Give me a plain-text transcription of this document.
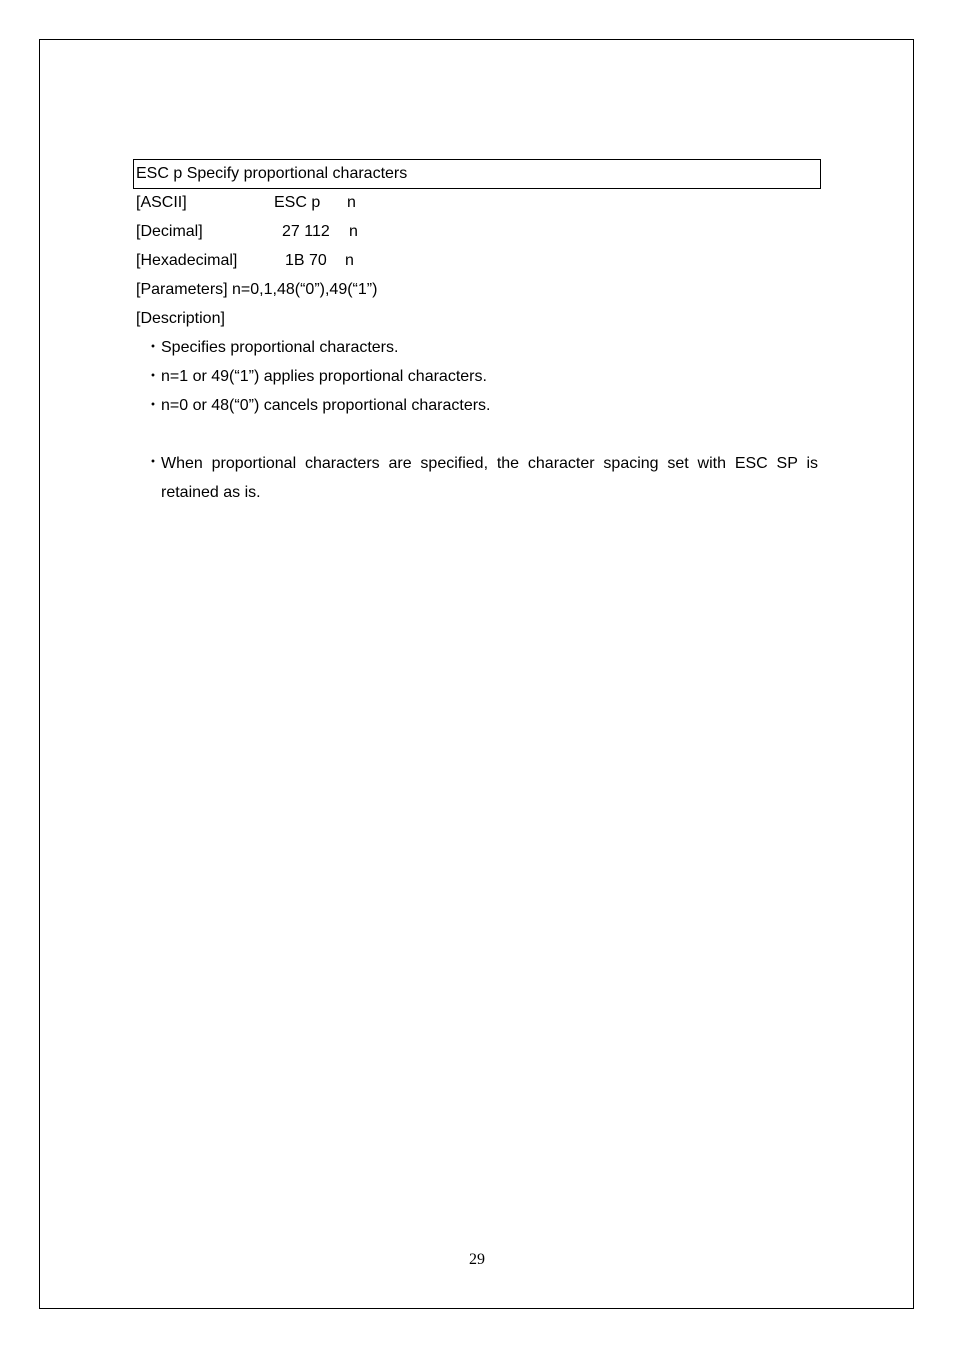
ESC p Specify proportional characters
[ASCII]	ESC p n
[Decimal]	27 112 n
[Hexadecimal]	1B 70 n
[Parameters] n=0,1,48(“0”),49(“1”)
[Description]
・ Specifies proportional characters.
・ n=1 or 49(“1”) applies proportional characters.
・ n=0 or 48(“0”) cancels proportional characters.
・ When proportional characters are specified, the character spacing set with ESC SP is retained as is.
29
